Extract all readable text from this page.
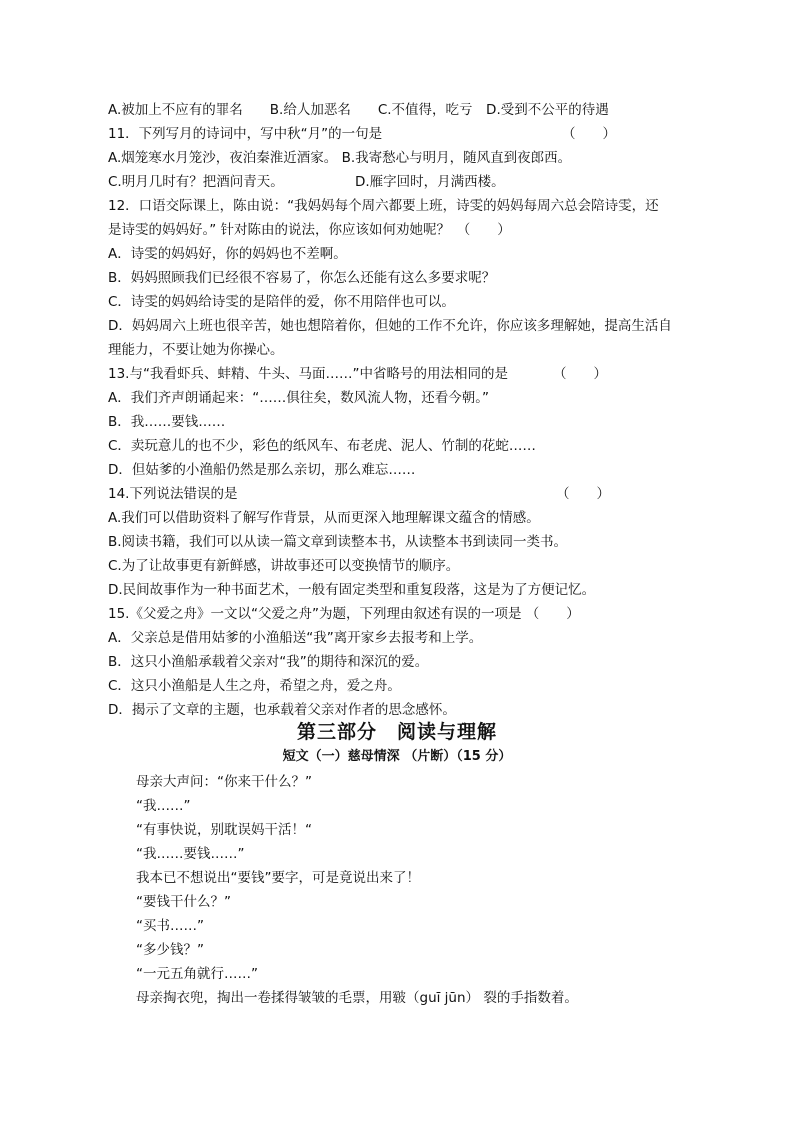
A.被加上不应有的罪名　　B.给人加恶名　　C.不值得，吃亏　D.受到不公平的待遇
11．下列写月的诗词中，写中秋“月”的一句是	（　　）
A.烟笼寒水月笼沙，夜泊秦淮近酒家。 B.我寄愁心与明月，随风直到夜郎西。
C.明月几时有？把酒问青天。	D.雁字回时，月满西楼。
12．口语交际课上，陈由说：“我妈妈每个周六都要上班，诗雯的妈妈每周六总会陪诗雯，还
是诗雯的妈妈好。” 针对陈由的说法，你应该如何劝她呢？　（　　）
A．诗雯的妈妈好，你的妈妈也不差啊。
B．妈妈照顾我们已经很不容易了，你怎么还能有这么多要求呢？
C．诗雯的妈妈给诗雯的是陪伴的爱，你不用陪伴也可以。
D．妈妈周六上班也很辛苦，她也想陪着你，但她的工作不允许，你应该多理解她，提高生活自
理能力，不要让她为你操心。
13.与“我看虾兵、蚌精、牛头、马面……”中省略号的用法相同的是	（　　）
A．我们齐声朗诵起来：“……俱往矣，数风流人物，还看今朝。”
B．我……要钱……
C．卖玩意儿的也不少，彩色的纸风车、布老虎、泥人、竹制的花蛇……
D．但姑爹的小渔船仍然是那么亲切，那么难忘……
14.下列说法错误的是	（　　）
A.我们可以借助资料了解写作背景，从而更深入地理解课文蕴含的情感。
B.阅读书籍，我们可以从读一篇文章到读整本书，从读整本书到读同一类书。
C.为了让故事更有新鲜感，讲故事还可以变换情节的顺序。
D.民间故事作为一种书面艺术，一般有固定类型和重复段落，这是为了方便记忆。
15.《父爱之舟》一文以“父爱之舟”为题，下列理由叙述有误的一项是 （　　）
A．父亲总是借用姑爹的小渔船送“我”离开家乡去报考和上学。
B．这只小渔船承载着父亲对“我”的期待和深沉的爱。
C．这只小渔船是人生之舟，希望之舟，爱之舟。
D．揭示了文章的主题，也承载着父亲对作者的思念感怀。
第三部分　阅读与理解
短文（一）慈母情深 （片断）（15 分）
母亲大声问：“你来干什么？”
“我……”
“有事快说，别耽误妈干活！“
“我……要钱……”
我本已不想说出“要钱”要字，可是竟说出来了！
“要钱干什么？”
“买书……”
“多少钱？”
“一元五角就行……”
母亲掏衣兜，掏出一卷揉得皱皱的毛票，用皲（guī jūn） 裂的手指数着。
